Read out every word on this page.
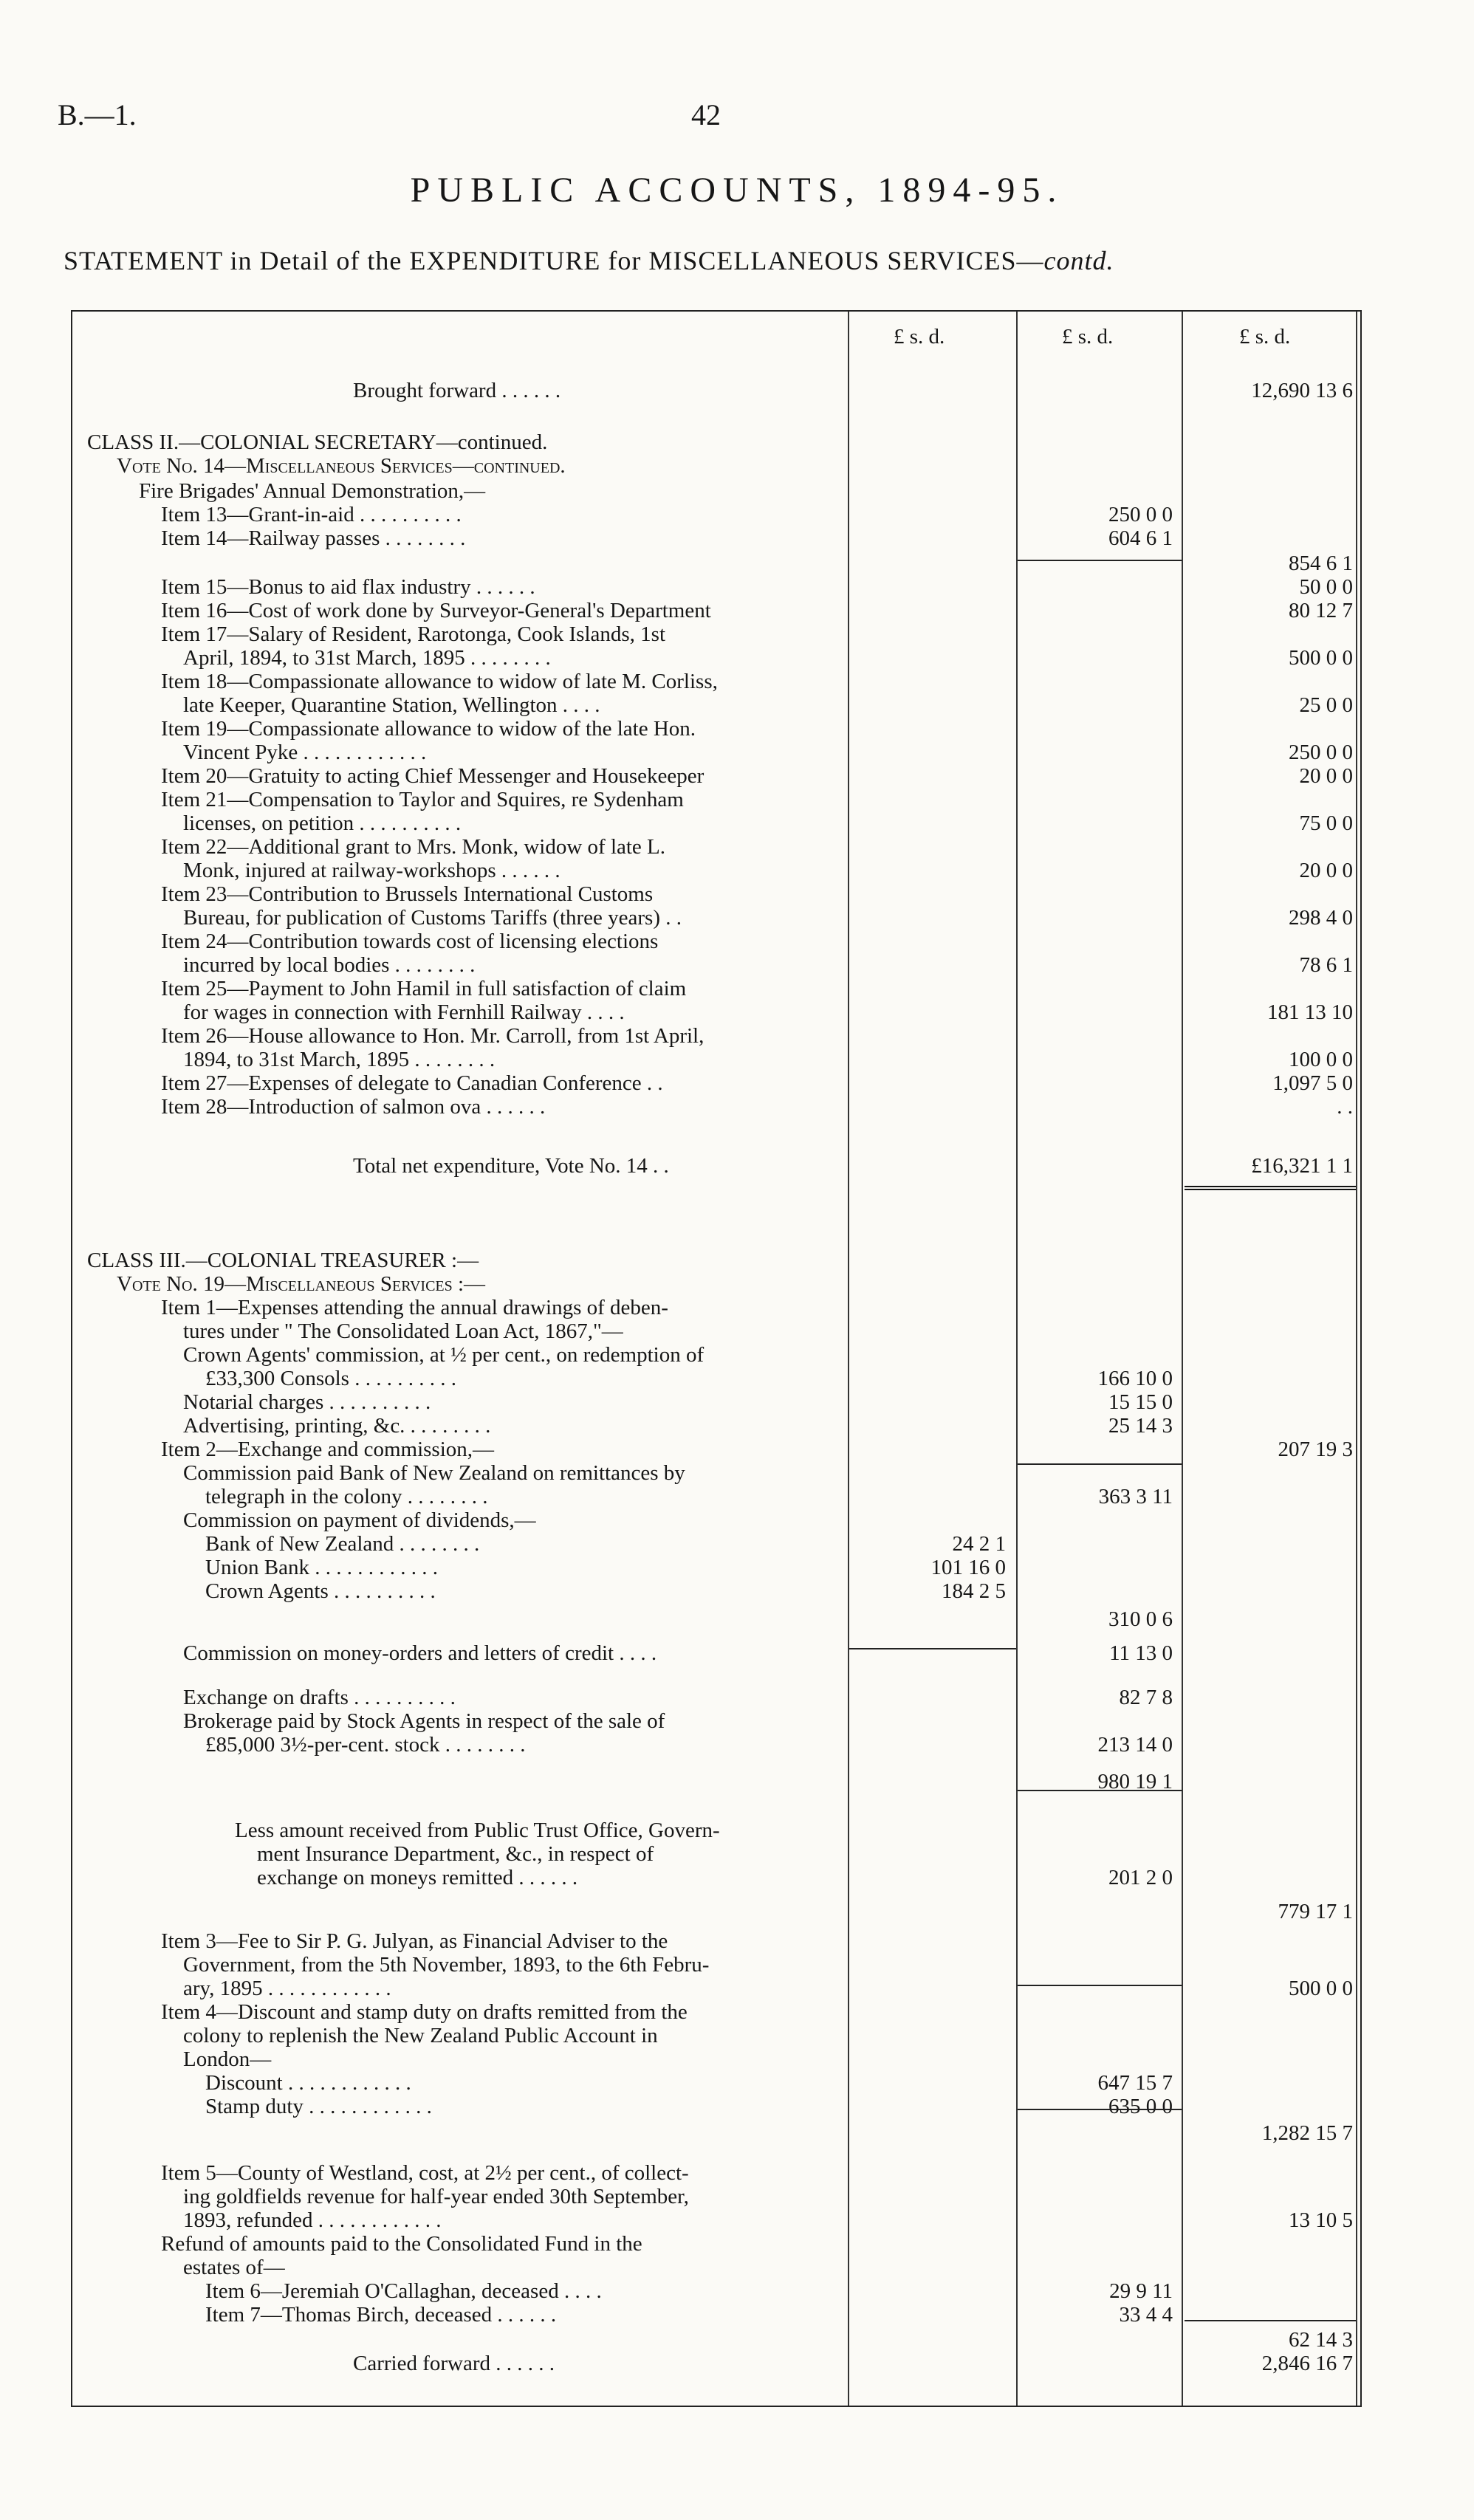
B.—1.	42
PUBLIC ACCOUNTS, 1894-95.
STATEMENT in Detail of the EXPENDITURE for MISCELLANEOUS SERVICES—contd.
£ s. d.	£ s. d.	£ s. d.
Brought forward . . . . . .	12,690 13 6
CLASS II.—COLONIAL SECRETARY—continued.
Vote No. 14—Miscellaneous Services—continued.
Fire Brigades' Annual Demonstration,—
Item 13—Grant-in-aid . . . . . . . . . .	250 0 0
Item 14—Railway passes . . . . . . . .	604 6 1
854 6 1
Item 15—Bonus to aid flax industry . . . . . .	50 0 0
Item 16—Cost of work done by Surveyor-General's Department	80 12 7
Item 17—Salary of Resident, Rarotonga, Cook Islands, 1st
April, 1894, to 31st March, 1895 . . . . . . . .	500 0 0
Item 18—Compassionate allowance to widow of late M. Corliss,
late Keeper, Quarantine Station, Wellington . . . .	25 0 0
Item 19—Compassionate allowance to widow of the late Hon.
Vincent Pyke . . . . . . . . . . . .	250 0 0
Item 20—Gratuity to acting Chief Messenger and Housekeeper	20 0 0
Item 21—Compensation to Taylor and Squires, re Sydenham
licenses, on petition . . . . . . . . . .	75 0 0
Item 22—Additional grant to Mrs. Monk, widow of late L.
Monk, injured at railway-workshops . . . . . .	20 0 0
Item 23—Contribution to Brussels International Customs
Bureau, for publication of Customs Tariffs (three years) . .	298 4 0
Item 24—Contribution towards cost of licensing elections
incurred by local bodies . . . . . . . .	78 6 1
Item 25—Payment to John Hamil in full satisfaction of claim
for wages in connection with Fernhill Railway . . . .	181 13 10
Item 26—House allowance to Hon. Mr. Carroll, from 1st April,
1894, to 31st March, 1895 . . . . . . . .	100 0 0
Item 27—Expenses of delegate to Canadian Conference . .	1,097 5 0
Item 28—Introduction of salmon ova . . . . . .	. .
Total net expenditure, Vote No. 14 . .	£16,321 1 1
CLASS III.—COLONIAL TREASURER :—
Vote No. 19—Miscellaneous Services :—
Item 1—Expenses attending the annual drawings of deben-
tures under " The Consolidated Loan Act, 1867,"—
Crown Agents' commission, at ½ per cent., on redemption of
£33,300 Consols . . . . . . . . . .	166 10 0
Notarial charges . . . . . . . . . .	15 15 0
Advertising, printing, &c. . . . . . . . .	25 14 3
Item 2—Exchange and commission,—	207 19 3
Commission paid Bank of New Zealand on remittances by
telegraph in the colony . . . . . . . .	363 3 11
Commission on payment of dividends,—
Bank of New Zealand . . . . . . . .	24 2 1
Union Bank . . . . . . . . . . . .	101 16 0
Crown Agents . . . . . . . . . .	184 2 5
310 0 6
Commission on money-orders and letters of credit . . . .	11 13 0
Exchange on drafts . . . . . . . . . .	82 7 8
Brokerage paid by Stock Agents in respect of the sale of
£85,000 3½-per-cent. stock . . . . . . . .	213 14 0
980 19 1
Less amount received from Public Trust Office, Govern-
ment Insurance Department, &c., in respect of
exchange on moneys remitted . . . . . .	201 2 0
779 17 1
Item 3—Fee to Sir P. G. Julyan, as Financial Adviser to the
Government, from the 5th November, 1893, to the 6th Febru-
ary, 1895 . . . . . . . . . . . .	500 0 0
Item 4—Discount and stamp duty on drafts remitted from the
colony to replenish the New Zealand Public Account in
London—
Discount . . . . . . . . . . . .	647 15 7
Stamp duty . . . . . . . . . . . .	635 0 0
1,282 15 7
Item 5—County of Westland, cost, at 2½ per cent., of collect-
ing goldfields revenue for half-year ended 30th September,
1893, refunded . . . . . . . . . . . .	13 10 5
Refund of amounts paid to the Consolidated Fund in the
estates of—
Item 6—Jeremiah O'Callaghan, deceased . . . .	29 9 11
Item 7—Thomas Birch, deceased . . . . . .	33 4 4
62 14 3
Carried forward . . . . . .	2,846 16 7
